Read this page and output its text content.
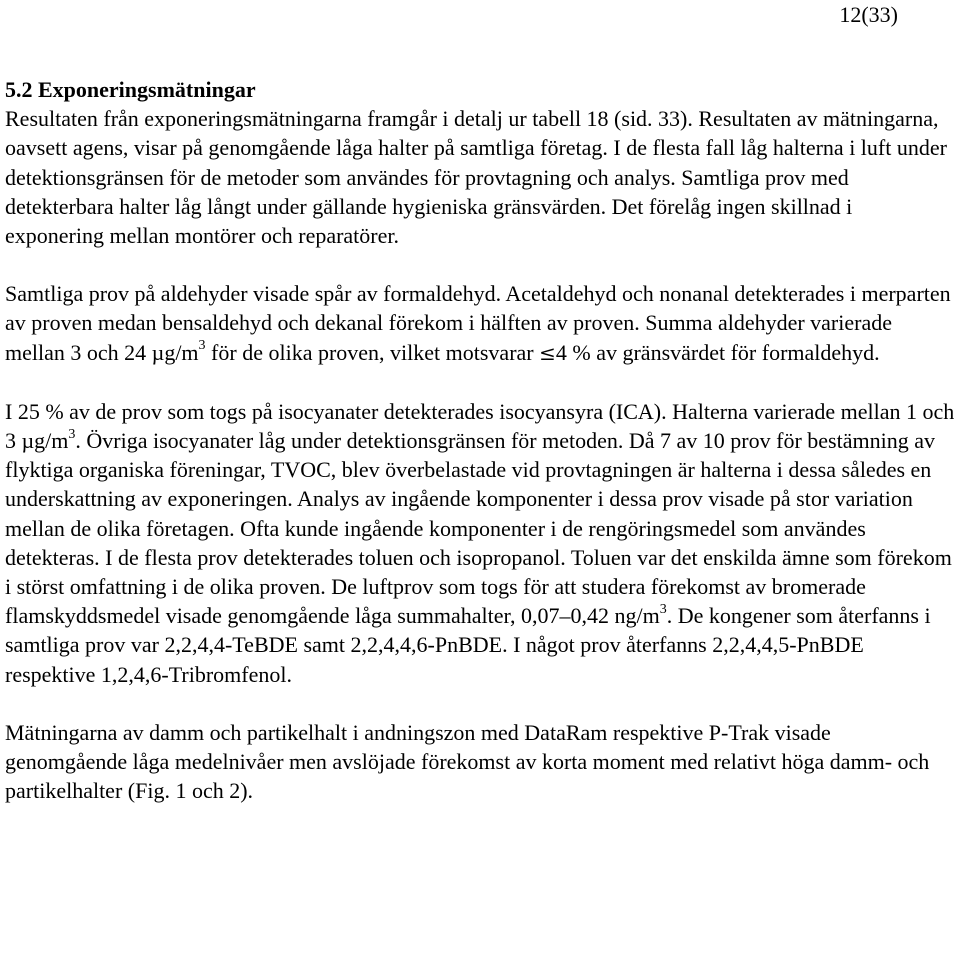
12(33)
5.2 Exponeringsmätningar

Resultaten från exponeringsmätningarna framgår i detalj ur tabell 18 (sid. 33). Resultaten av mätningarna, oavsett agens, visar på genomgående låga halter på samtliga företag. I de flesta fall låg halterna i luft under detektionsgränsen för de metoder som användes för provtagning och analys. Samtliga prov med detekterbara halter låg långt under gällande hygieniska gränsvärden. Det förelåg ingen skillnad i exponering mellan montörer och reparatörer.

Samtliga prov på aldehyder visade spår av formaldehyd. Acetaldehyd och nonanal detekterades i merparten av proven medan bensaldehyd och dekanal förekom i hälften av proven. Summa aldehyder varierade mellan 3 och 24 $\mu g/m^3$ för de olika proven, vilket motsvarar ≤4 % av gränsvärdet för formaldehyd.

I 25 % av de prov som togs på isocyanater detekterades isocyansyra (ICA). Halterna varierade mellan 1 och 3 $\mu g/m^3$. Övriga isocyanater låg under detektionsgränsen för metoden. Då 7 av 10 prov för bestämning av flyktiga organiska föreningar, TVOC, blev överbelastade vid provtagningen är halterna i dessa således en underskattning av exponeringen. Analys av ingående komponenter i dessa prov visade på stor variation mellan de olika företagen. Ofta kunde ingående komponenter i de rengöringsmedel som användes detekteras. I de flesta prov detekterades toluen och isopropanol. Toluen var det enskilda ämne som förekom i störst omfattning i de olika proven. De luftprov som togs för att studera förekomst av bromerade flamskyddsmedel visade genomgående låga summahalter, 0,07–0,42 $ng/m^3$. De kongener som återfanns i samtliga prov var 2,2,4,4-TeBDE samt 2,2,4,4,6-PnBDE. I något prov återfanns 2,2,4,4,5-PnBDE respektive 1,2,4,6-Tribromfenol.

Mätningarna av damm och partikelhalt i andningszon med DataRam respektive P-Trak visade genomgående låga medelnivåer men avslöjade förekomst av korta moment med relativt höga damm- och partikelhalter (Fig. 1 och 2).
